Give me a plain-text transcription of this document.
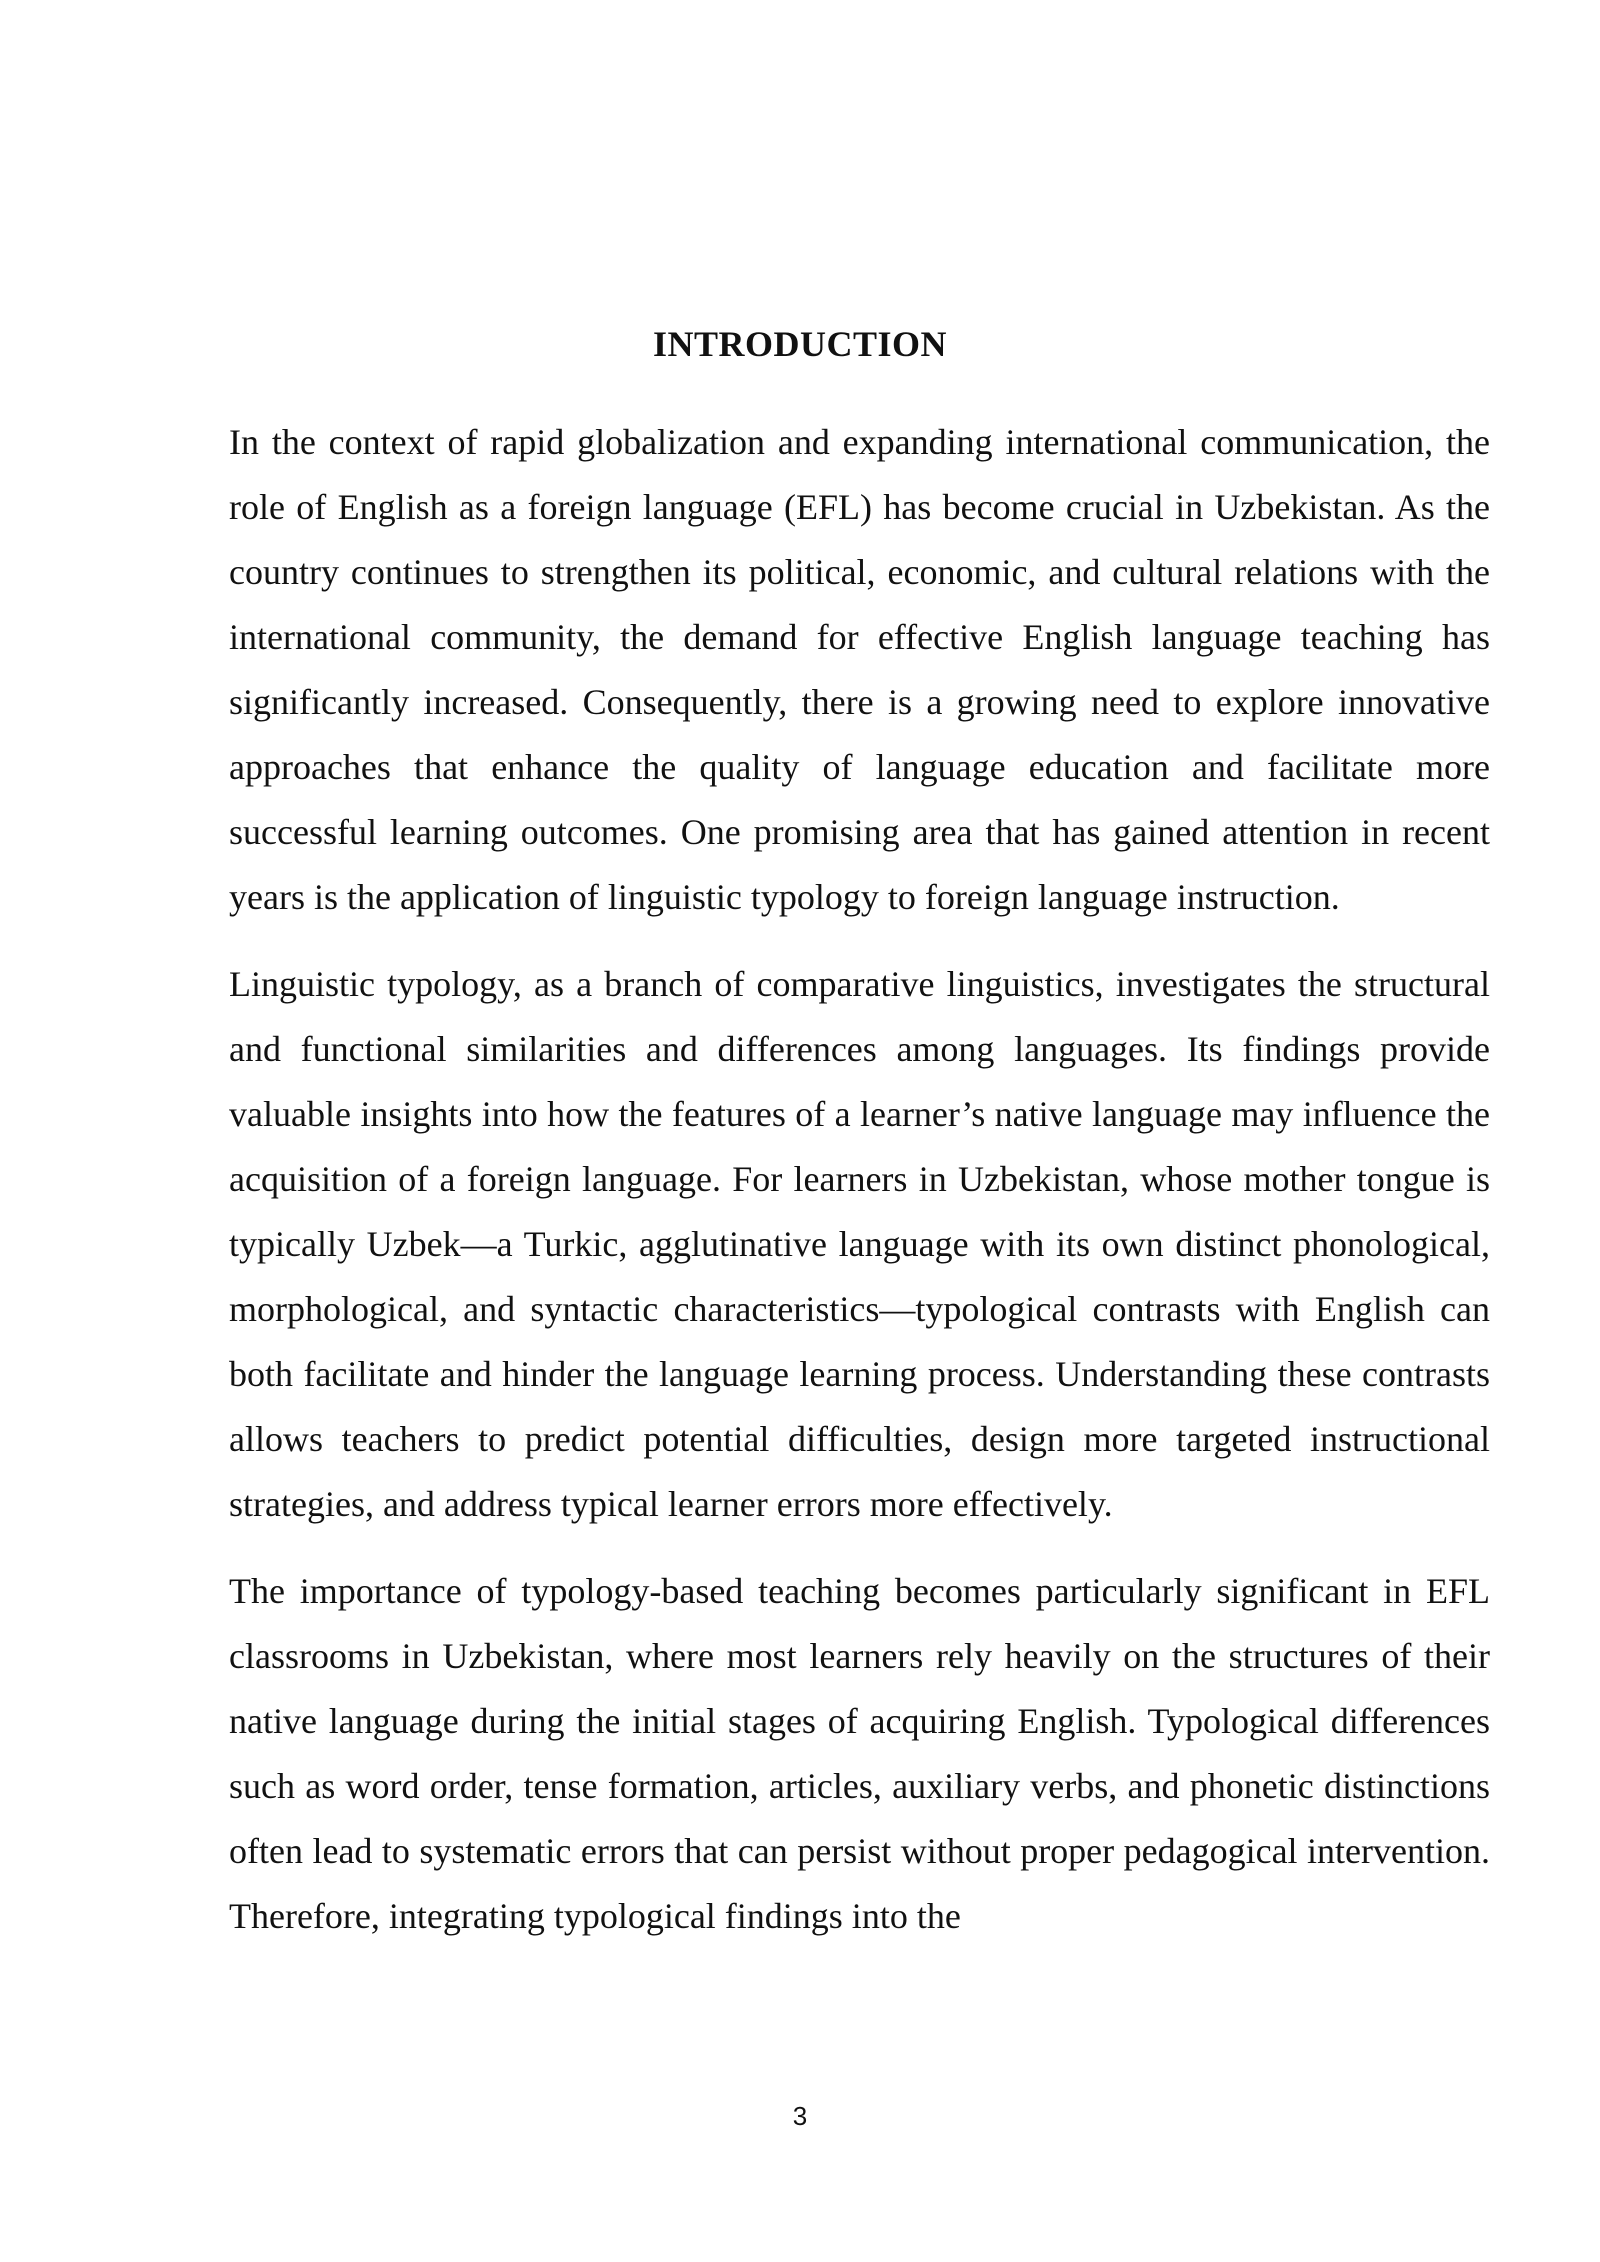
INTRODUCTION

In the context of rapid globalization and expanding international communication, the role of English as a foreign language (EFL) has become crucial in Uzbekistan. As the country continues to strengthen its political, economic, and cultural relations with the international community, the demand for effective English language teaching has significantly increased. Consequently, there is a growing need to explore innovative approaches that enhance the quality of language education and facilitate more successful learning outcomes. One promising area that has gained attention in recent years is the application of linguistic typology to foreign language instruction.

Linguistic typology, as a branch of comparative linguistics, investigates the structural and functional similarities and differences among languages. Its findings provide valuable insights into how the features of a learner’s native language may influence the acquisition of a foreign language. For learners in Uzbekistan, whose mother tongue is typically Uzbek—a Turkic, agglutinative language with its own distinct phonological, morphological, and syntactic characteristics—typological contrasts with English can both facilitate and hinder the language learning process. Understanding these contrasts allows teachers to predict potential difficulties, design more targeted instructional strategies, and address typical learner errors more effectively.

The importance of typology-based teaching becomes particularly significant in EFL classrooms in Uzbekistan, where most learners rely heavily on the structures of their native language during the initial stages of acquiring English. Typological differences such as word order, tense formation, articles, auxiliary verbs, and phonetic distinctions often lead to systematic errors that can persist without proper pedagogical intervention. Therefore, integrating typological findings into the

3
